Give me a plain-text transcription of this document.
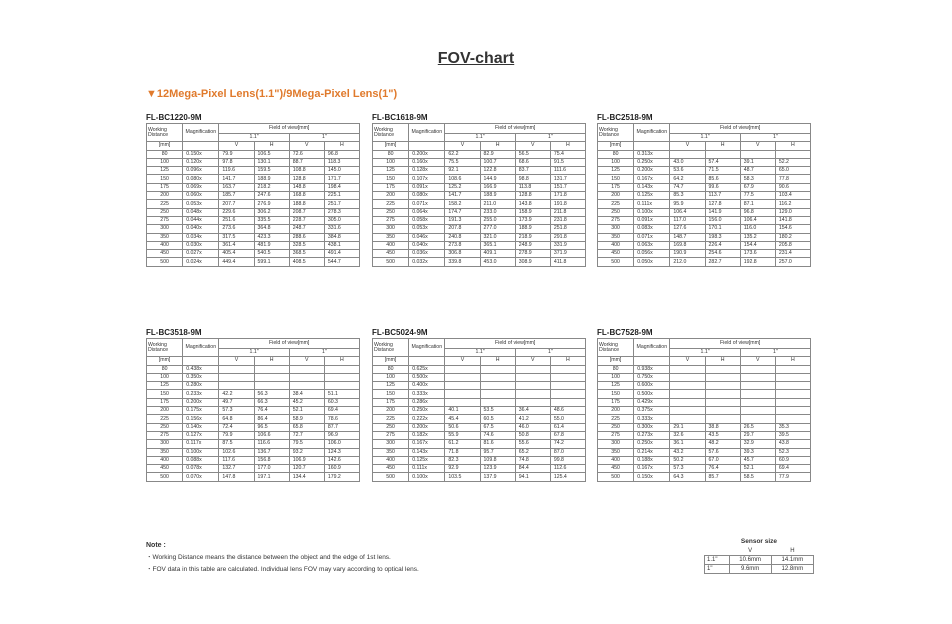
FOV-chart
▼12Mega-Pixel Lens(1.1")/9Mega-Pixel Lens(1")
FL-BC1220-9M
Working Distance	Magnification	Field of view[mm]			
		1.1"		1"	
[mm]		V	H	V	H
80	0.150x	79.9	106.5	72.6	96.8
100	0.120x	97.8	130.1	88.7	118.3
125	0.096x	119.6	159.5	108.8	145.0
150	0.080x	141.7	188.9	128.8	171.7
175	0.069x	163.7	218.2	148.8	198.4
200	0.060x	185.7	247.6	168.8	225.1
225	0.053x	207.7	276.9	188.8	251.7
250	0.048x	229.6	306.2	208.7	278.3
275	0.044x	251.6	335.5	228.7	305.0
300	0.040x	273.6	364.8	248.7	331.6
350	0.034x	317.5	423.3	288.6	384.8
400	0.030x	361.4	481.9	328.5	438.1
450	0.027x	405.4	540.5	368.5	491.4
500	0.024x	449.4	599.1	408.5	544.7
FL-BC1618-9M
Working Distance	Magnification	Field of view[mm]			
		1.1"		1"	
[mm]		V	H	V	H
80	0.200x	62.2	82.9	56.5	75.4
100	0.160x	75.5	100.7	68.6	91.5
125	0.128x	92.1	122.8	83.7	111.6
150	0.107x	108.6	144.9	98.8	131.7
175	0.091x	125.2	166.9	113.8	151.7
200	0.080x	141.7	188.9	128.8	171.8
225	0.071x	158.2	211.0	143.8	191.8
250	0.064x	174.7	233.0	158.9	211.8
275	0.058x	191.3	255.0	173.9	231.8
300	0.053x	207.8	277.0	188.9	251.8
350	0.046x	240.8	321.0	218.9	291.8
400	0.040x	273.8	365.1	248.9	331.9
450	0.036x	306.8	409.1	278.9	371.9
500	0.032x	339.8	453.0	308.9	411.8
FL-BC2518-9M
Working Distance	Magnification	Field of view[mm]			
		1.1"		1"	
[mm]		V	H	V	H
80	0.313x				
100	0.250x	43.0	57.4	39.1	52.2
125	0.200x	53.6	71.5	48.7	65.0
150	0.167x	64.2	85.6	58.3	77.8
175	0.143x	74.7	99.6	67.9	90.6
200	0.125x	85.3	113.7	77.5	103.4
225	0.111x	95.9	127.8	87.1	116.2
250	0.100x	106.4	141.9	96.8	129.0
275	0.091x	117.0	156.0	106.4	141.8
300	0.083x	127.6	170.1	116.0	154.6
350	0.071x	148.7	198.3	135.2	180.2
400	0.063x	169.8	226.4	154.4	205.8
450	0.056x	190.9	254.6	173.6	231.4
500	0.050x	212.0	282.7	192.8	257.0
FL-BC3518-9M
Working Distance	Magnification	Field of view[mm]			
		1.1"		1"	
[mm]		V	H	V	H
80	0.438x				
100	0.350x				
125	0.280x				
150	0.233x	42.2	56.3	38.4	51.1
175	0.200x	49.7	66.3	45.2	60.3
200	0.175x	57.3	76.4	52.1	69.4
225	0.156x	64.8	86.4	58.9	78.6
250	0.140x	72.4	96.5	65.8	87.7
275	0.127x	79.9	106.6	72.7	96.9
300	0.117x	87.5	116.6	79.5	106.0
350	0.100x	102.6	136.7	93.2	124.3
400	0.088x	117.6	156.8	106.9	142.6
450	0.078x	132.7	177.0	120.7	160.9
500	0.070x	147.8	197.1	134.4	179.2
FL-BC5024-9M
Working Distance	Magnification	Field of view[mm]			
		1.1"		1"	
[mm]		V	H	V	H
80	0.625x				
100	0.500x				
125	0.400x				
150	0.333x				
175	0.286x				
200	0.250x	40.1	53.5	36.4	48.6
225	0.222x	45.4	60.5	41.2	55.0
250	0.200x	50.6	67.5	46.0	61.4
275	0.182x	55.9	74.6	50.8	67.8
300	0.167x	61.2	81.6	55.6	74.2
350	0.143x	71.8	95.7	65.2	87.0
400	0.125x	82.3	109.8	74.8	99.8
450	0.111x	92.9	123.9	84.4	112.6
500	0.100x	103.5	137.9	94.1	125.4
FL-BC7528-9M
Working Distance	Magnification	Field of view[mm]			
		1.1"		1"	
[mm]		V	H	V	H
80	0.938x				
100	0.750x				
125	0.600x				
150	0.500x				
175	0.429x				
200	0.375x				
225	0.333x				
250	0.300x	29.1	38.8	26.5	35.3
275	0.273x	32.6	43.5	29.7	39.5
300	0.250x	36.1	48.2	32.9	43.8
350	0.214x	43.2	57.6	39.3	52.3
400	0.188x	50.2	67.0	45.7	60.9
450	0.167x	57.3	76.4	52.1	69.4
500	0.150x	64.3	85.7	58.5	77.9
Note :
・Working Distance means the distance between the object and the edge of 1st lens.
・FOV data in this table are calculated. Individual lens FOV may vary according to optical lens.
Sensor size
	V	H
1.1"	10.6mm	14.1mm
1"	9.6mm	12.8mm
